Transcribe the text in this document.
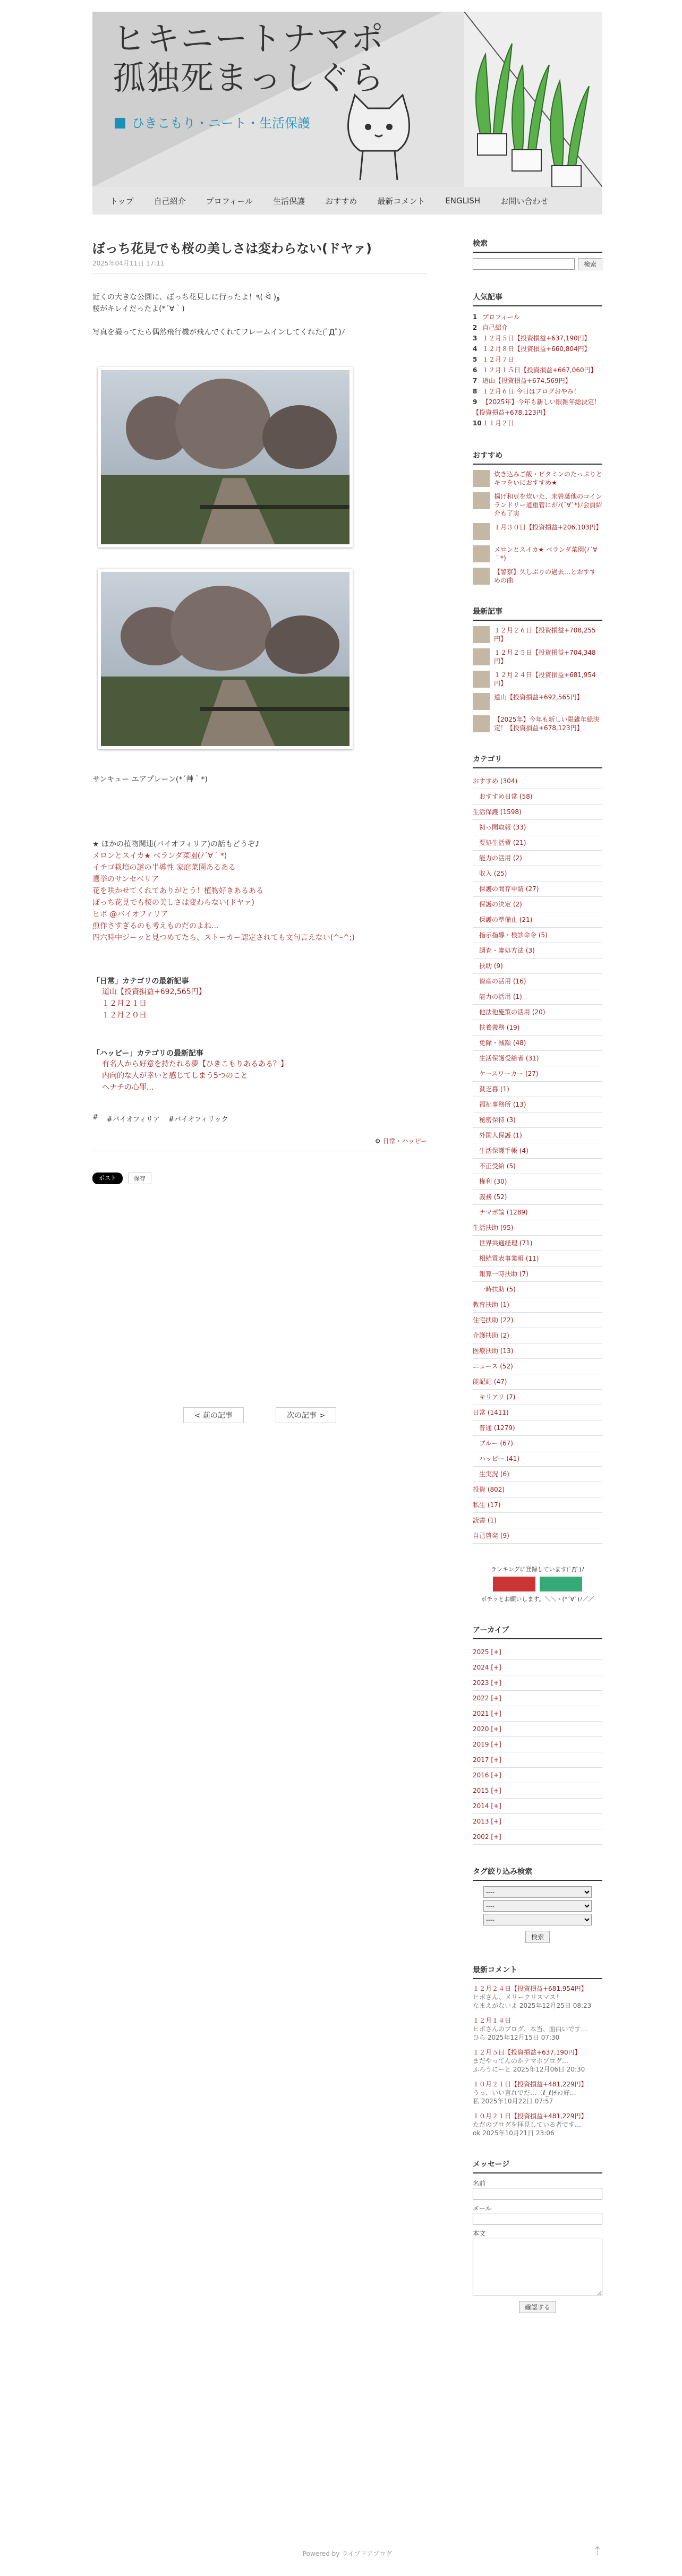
ヒキニートナマポ
孤独死まっしぐら
ひきこもり・ニート・生活保護
トップ	自己紹介	プロフィール	生活保護	おすすめ	最新コメント	ENGLISH	お問い合わせ
ぼっち花見でも桜の美しさは変わらない(ドヤァ)
2025年04月11日 17:11

近くの大きな公園に、ぼっち花見しに行ったよ！٩( ᐛ )و

桜がキレイだったよ(*´∀｀)

写真を撮ってたら偶然飛行機が飛んでくれてフレームインしてくれた(ﾟДﾟ)ﾉ

サンキュー エアプレーン(*´艸｀*)

★ ほかの植物関連(バイオフィリア)の話もどうぞ♪

メロンとスイカ★ ベランダ菜園(ﾉ´∀｀*)

イチゴ栽培の謎の半導性 家庭菜園あるある

選挙のサンセベリア

花を咲かせてくれてありがとう！植物好きあるある

ぼっち花見でも桜の美しさは変わらない(ドヤァ)

ヒボ @バイオフィリア

煎作さすぎるのも考えものだのよね...

四六時中ジーッと見つめてたら、ストーカー認定されても文句言えない(^ｰ^;)

「日常」カテゴリの最新記事
道山【投資損益+692,565円】
１２月２１日
１２月２０日
「ハッピー」カテゴリの最新記事
有名人から好意を持たれる夢【ひきこもりあるある？】
内向的な人が幸いと感じてしまう5つのこと
ヘナチの心罪...
# #バイオフィリア #バイオフィリック
⚙ 日常・ハッピー
ポスト	保存
< 前の記事	次の記事 >
検索
検索
人気記事
1 プロフィール
2 自己紹介
3 １２月５日【投資損益+637,190円】
4 １２月８日【投資損益+660,804円】
5 １２月７日
6 １２月１５日【投資損益+667,060円】
7 道山【投資損益+674,569円】
8 １２月６日 今日はブログおやみ！
9 【2025年】今年も新しい限雑年総決定！【投資損益+678,123円】
10１１月２日
おすすめ
炊き込みご飯・ビタミンのたっぷりとキコをいにおすすめ★
揚げ和豆を炊いた、未曾葉他のコインランドリー道重管にがﾉ(´∀`*)ﾉ会員紹介も了実
１月３０日【投資損益+206,103円】
メロンとスイカ★ ベランダ菜園(ﾉ´∀｀*)
【警察】久しぶりの過去…とおすすめの曲
最新記事
１２月２６日【投資損益+708,255円】
１２月２５日【投資損益+704,348円】
１２月２４日【投資損益+681,954円】
道山【投資損益+692,565円】
【2025年】今年も新しい限雑年総決定！【投資損益+678,123円】
カテゴリ
おすすめ (304)
おすすめ日常 (58)
生活保護 (1598)
初っ聞取報 (33)
要処生活費 (21)
能力の活用 (2)
収入 (25)
保護の間存申請 (27)
保護の決定 (2)
保護の準備止 (21)
指示指導・検診命令 (5)
調査・審処方法 (3)
扶助 (9)
資産の活用 (16)
能力の活用 (1)
他法他施策の活用 (20)
扶養義務 (19)
免除・減額 (48)
生活保護受給者 (31)
ケースワーカー (27)
貧乏暮 (1)
福祉事務所 (13)
秘密保持 (3)
外国人保護 (1)
生活保護手帳 (4)
不正受給 (5)
権利 (30)
義務 (52)
ナマポ論 (1289)
生活扶助 (95)
世界共通経理 (71)
相続質表事業報 (11)
報算一時扶助 (7)
一時扶助 (5)
教育扶助 (1)
住宅扶助 (22)
介護扶助 (2)
医療扶助 (13)
ニュース (52)
能記記 (47)
キリアリ (7)
日常 (1411)
普通 (1279)
ブルー (67)
ハッピー (41)
生実況 (6)
投資 (802)
私生 (17)
読書 (1)
自己啓発 (9)
ランキングに登録しています(ﾟДﾟ)ﾉ
ポチッとお願いします。＼＼ヽ(*´∀`)ﾉ／／
アーカイブ
2025 [+]
2024 [+]
2023 [+]
2022 [+]
2021 [+]
2020 [+]
2019 [+]
2017 [+]
2016 [+]
2015 [+]
2014 [+]
2013 [+]
2002 [+]
タグ絞り込み検索
----
----
----
検索
最新コメント
１２月２４日【投資損益+681,954円】
ヒボさん、メリークリスマス！
なまえがないよ 2025年12月25日 08:23
１２月１４日
ヒボさんのブログ、本当、面白いです…
ひら 2025年12月15日 07:30
１２月５日【投資損益+637,190円】
まだやってんのかナマポブログ…
ふろうにーと 2025年12月06日 20:30
１０月２１日【投資損益+481,229円】
うっ、いい言れでだ…（ℓ_ℓ)ﾁｬﾝ好…
私 2025年10月22日 07:57
１０月２１日【投資損益+481,229円】
ただのブログを拝見している者です…
ok 2025年10月21日 23:06
メッセージ
名前
メール
本文
確認する
Powered by ライブドアブログ	⇡
